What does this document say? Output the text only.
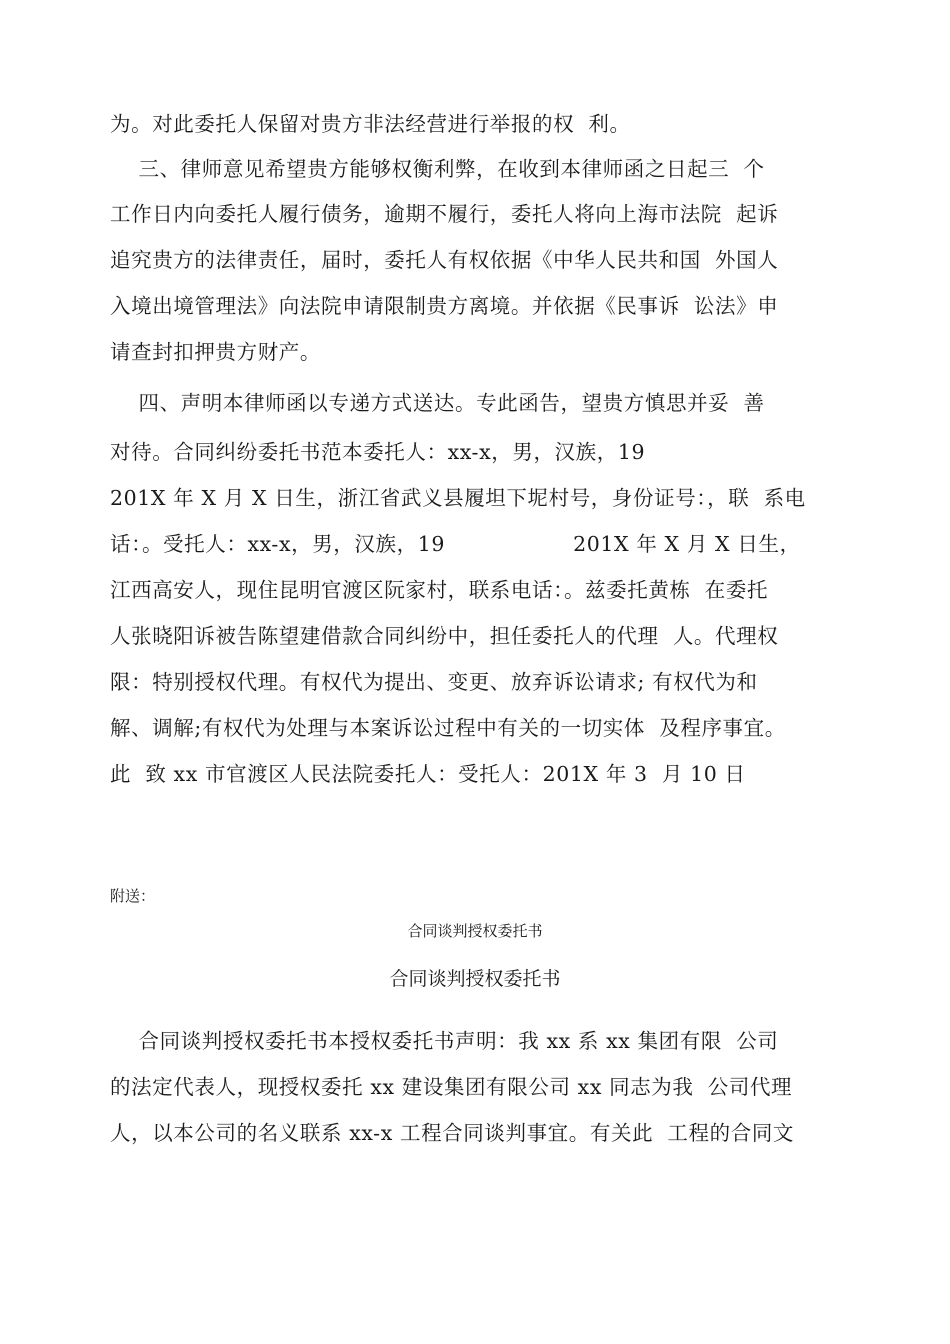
为。对此委托人保留对贵方非法经营进行举报的权  利。
三、律师意见希望贵方能够权衡利弊，在收到本律师函之日起三  个
工作日内向委托人履行债务，逾期不履行，委托人将向上海市法院  起诉
追究贵方的法律责任，届时，委托人有权依据《中华人民共和国  外国人
入境出境管理法》向法院申请限制贵方离境。并依据《民事诉  讼法》申
请查封扣押贵方财产。
四、声明本律师函以专递方式送达。专此函告，望贵方慎思并妥  善
对待。合同纠纷委托书范本委托人：xx-x，男，汉族，19
201X 年 X 月 X 日生，浙江省武义县履坦下坭村号，身份证号：，联  系电
话：。受托人：xx-x，男，汉族，19                  201X 年 X 月 X 日生，
江西高安人，现住昆明官渡区阮家村，联系电话：。兹委托黄栋  在委托
人张晓阳诉被告陈望建借款合同纠纷中，担任委托人的代理  人。代理权
限：特别授权代理。有权代为提出、变更、放弃诉讼请求; 有权代为和
解、调解;有权代为处理与本案诉讼过程中有关的一切实体  及程序事宜。
此  致 xx 市官渡区人民法院委托人：受托人：201X 年 3  月 10 日
附送：
合同谈判授权委托书
合同谈判授权委托书
合同谈判授权委托书本授权委托书声明：我 xx 系 xx 集团有限  公司
的法定代表人，现授权委托 xx 建设集团有限公司 xx 同志为我  公司代理
人，以本公司的名义联系 xx-x 工程合同谈判事宜。有关此  工程的合同文
